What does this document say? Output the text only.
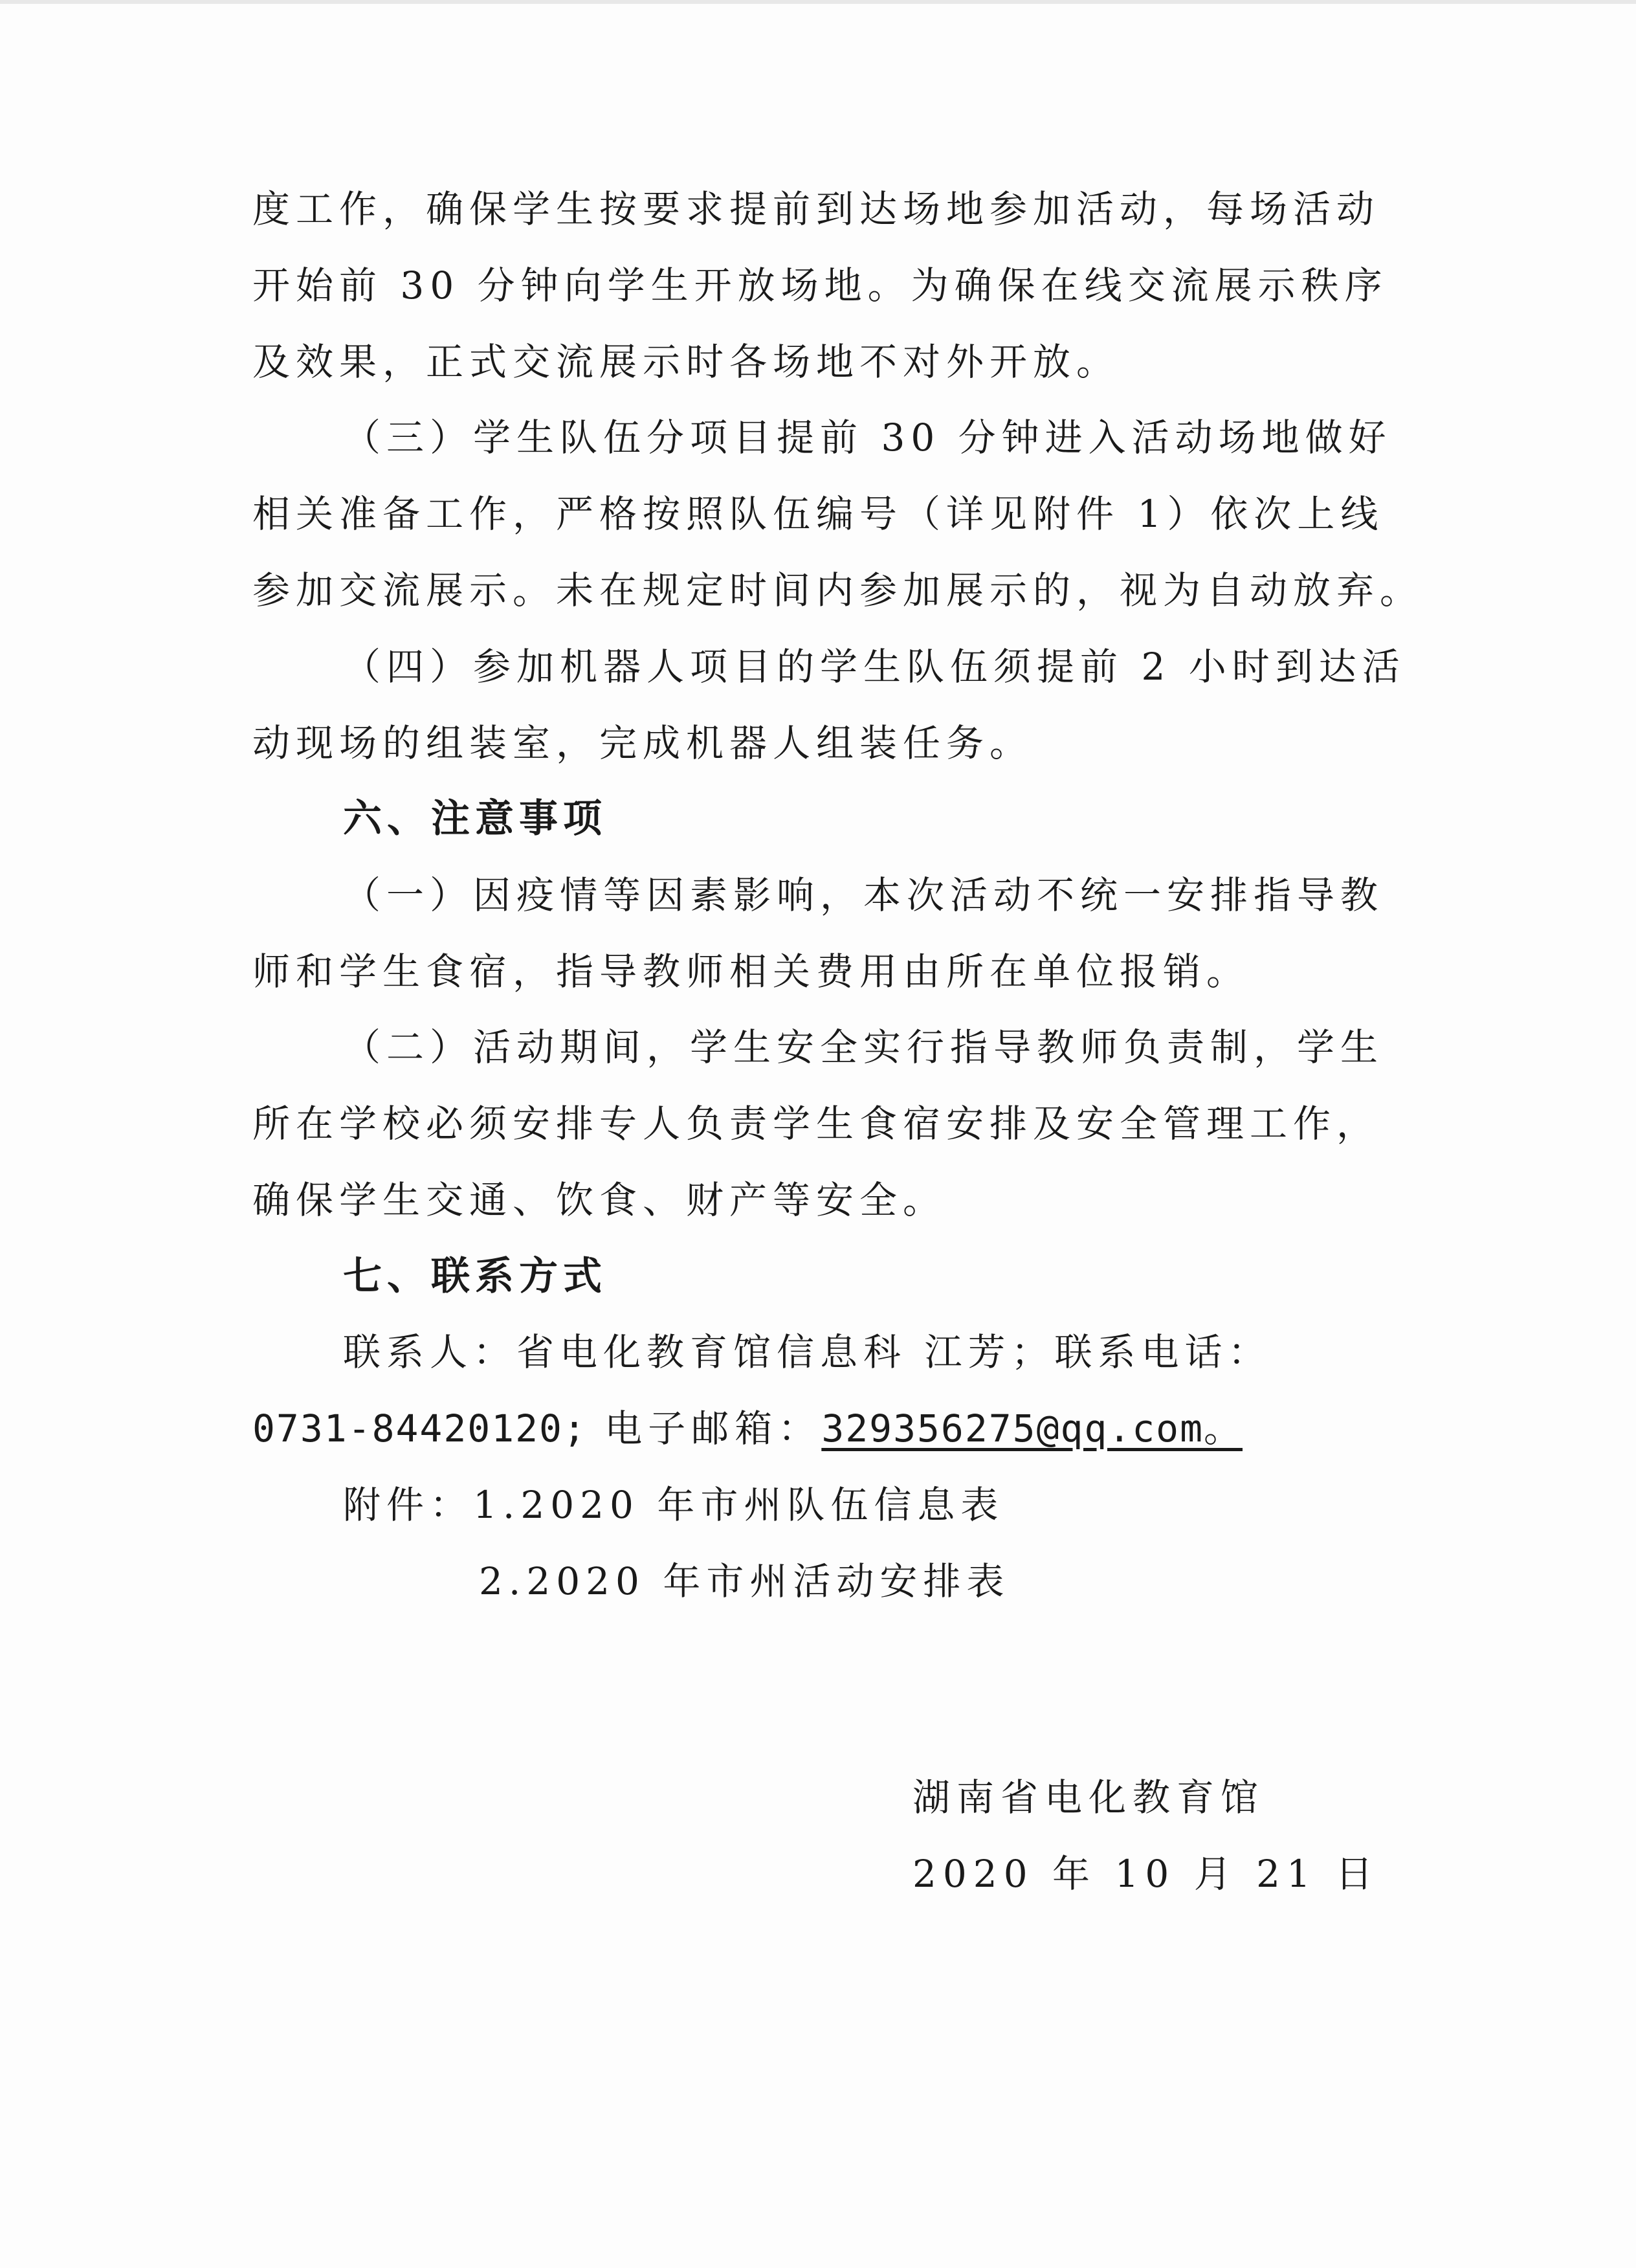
度工作，确保学生按要求提前到达场地参加活动，每场活动
开始前 30 分钟向学生开放场地。为确保在线交流展示秩序
及效果，正式交流展示时各场地不对外开放。
（三）学生队伍分项目提前 30 分钟进入活动场地做好
相关准备工作，严格按照队伍编号（详见附件 1）依次上线
参加交流展示。未在规定时间内参加展示的，视为自动放弃。
（四）参加机器人项目的学生队伍须提前 2 小时到达活
动现场的组装室，完成机器人组装任务。
六、注意事项
（一）因疫情等因素影响，本次活动不统一安排指导教
师和学生食宿，指导教师相关费用由所在单位报销。
（二）活动期间，学生安全实行指导教师负责制，学生
所在学校必须安排专人负责学生食宿安排及安全管理工作，
确保学生交通、饮食、财产等安全。
七、联系方式
联系人：省电化教育馆信息科 江芳；联系电话：
0731-84420120; 电子邮箱：329356275@qq.com。
附件：1.2020 年市州队伍信息表
2.2020 年市州活动安排表
湖南省电化教育馆
2020 年 10 月 21 日
